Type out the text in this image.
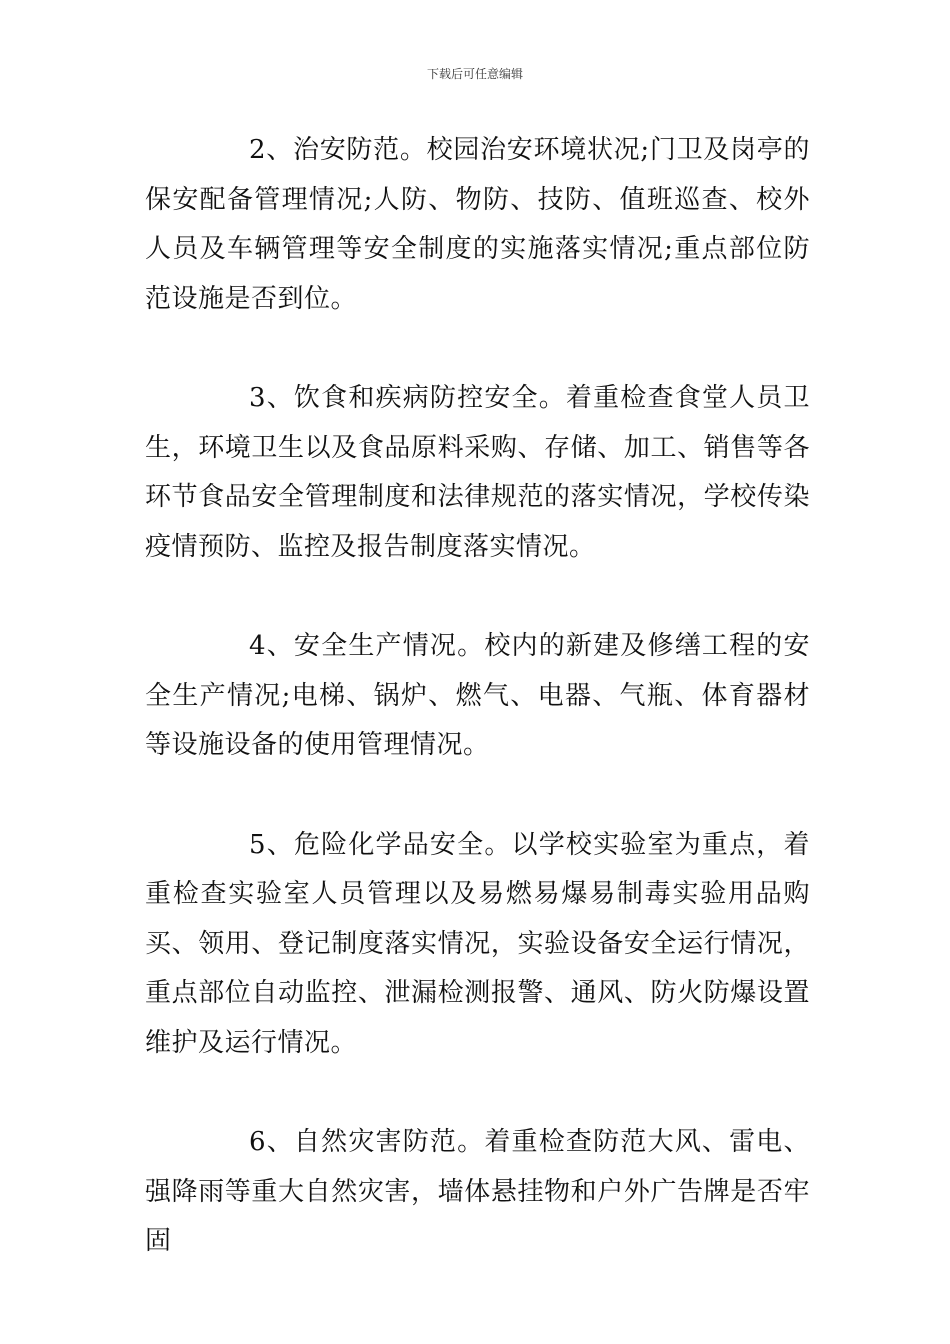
下载后可任意编辑

2、治安防范。校园治安环境状况;门卫及岗亭的保安配备管理情况;人防、物防、技防、值班巡查、校外人员及车辆管理等安全制度的实施落实情况;重点部位防范设施是否到位。

3、饮食和疾病防控安全。着重检查食堂人员卫生，环境卫生以及食品原料采购、存储、加工、销售等各环节食品安全管理制度和法律规范的落实情况，学校传染疫情预防、监控及报告制度落实情况。

4、安全生产情况。校内的新建及修缮工程的安全生产情况;电梯、锅炉、燃气、电器、气瓶、体育器材等设施设备的使用管理情况。

5、危险化学品安全。以学校实验室为重点，着重检查实验室人员管理以及易燃易爆易制毒实验用品购买、领用、登记制度落实情况，实验设备安全运行情况，重点部位自动监控、泄漏检测报警、通风、防火防爆设置维护及运行情况。

6、自然灾害防范。着重检查防范大风、雷电、强降雨等重大自然灾害，墙体悬挂物和户外广告牌是否牢固
